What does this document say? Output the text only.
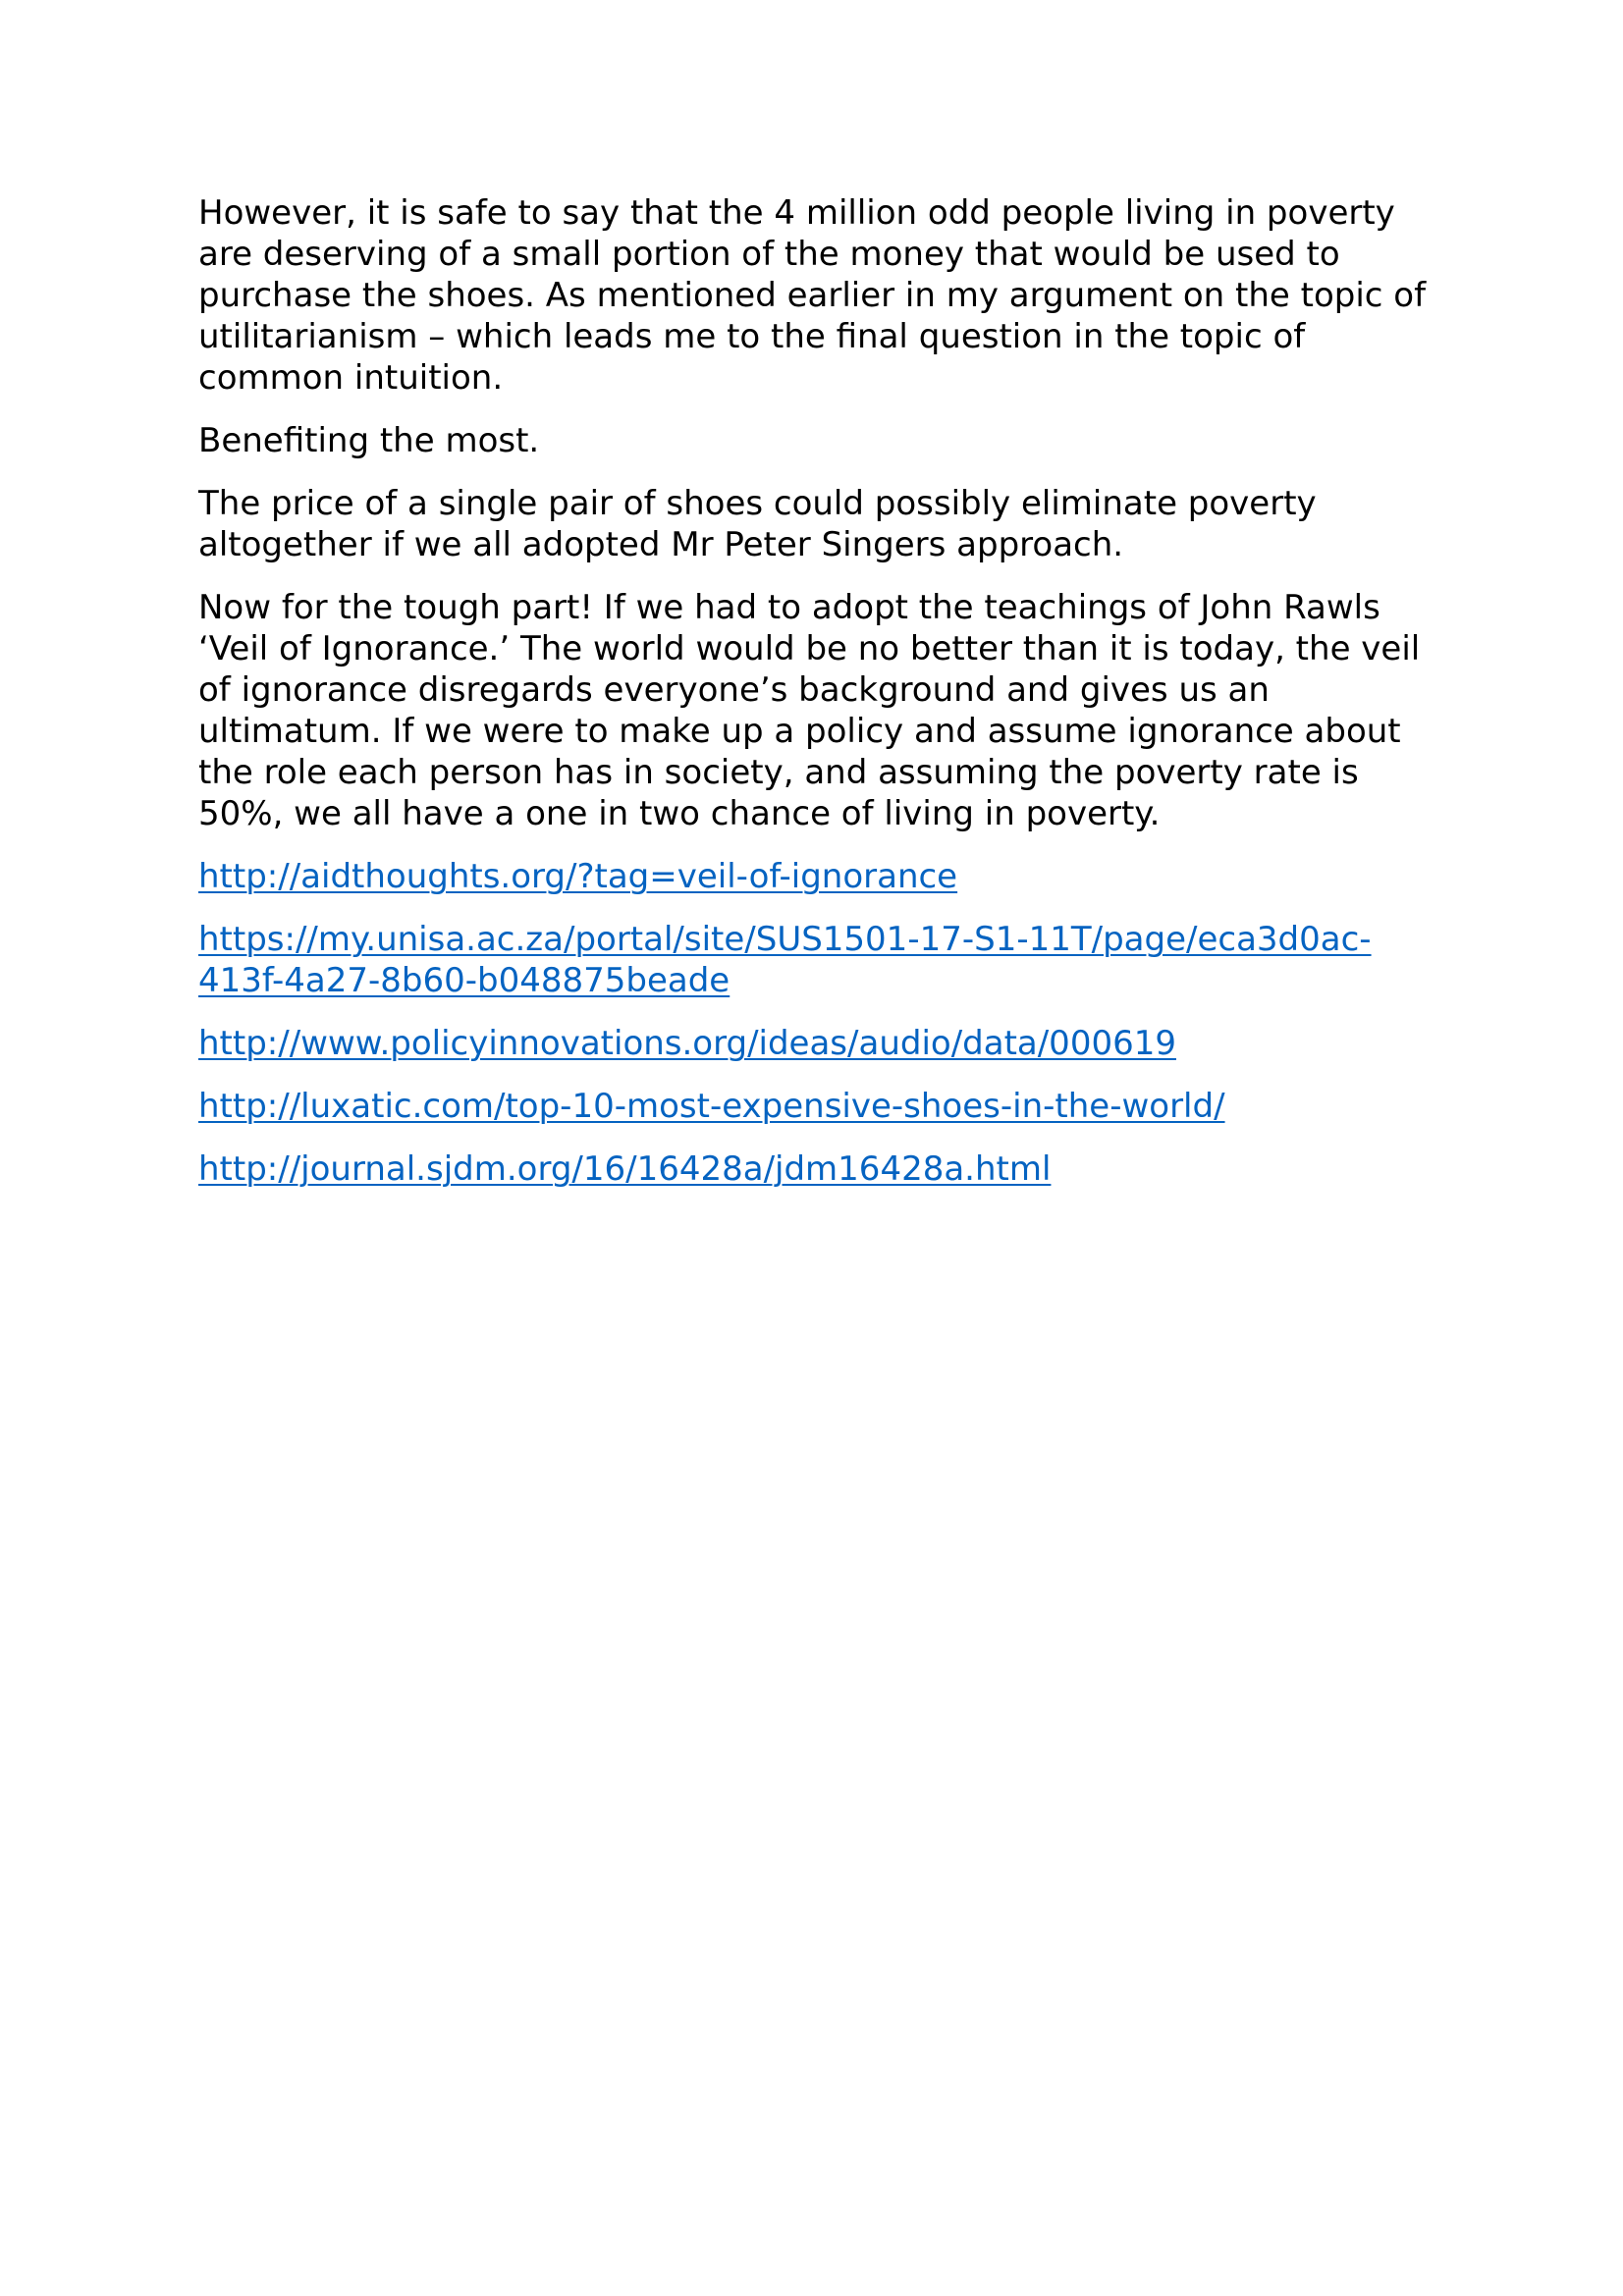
However, it is safe to say that the 4 million odd people living in poverty are deserving of a small portion of the money that would be used to purchase the shoes. As mentioned earlier in my argument on the topic of utilitarianism – which leads me to the final question in the topic of common intuition.

Benefiting the most.

The price of a single pair of shoes could possibly eliminate poverty altogether if we all adopted Mr Peter Singers approach.

Now for the tough part! If we had to adopt the teachings of John Rawls ‘Veil of Ignorance.’ The world would be no better than it is today, the veil of ignorance disregards everyone’s background and gives us an ultimatum. If we were to make up a policy and assume ignorance about the role each person has in society, and assuming the poverty rate is 50%, we all have a one in two chance of living in poverty.

http://aidthoughts.org/?tag=veil-of-ignorance

https://my.unisa.ac.za/portal/site/SUS1501-17-S1-11T/page/eca3d0ac-413f-4a27-8b60-b048875beade

http://www.policyinnovations.org/ideas/audio/data/000619

http://luxatic.com/top-10-most-expensive-shoes-in-the-world/

http://journal.sjdm.org/16/16428a/jdm16428a.html
